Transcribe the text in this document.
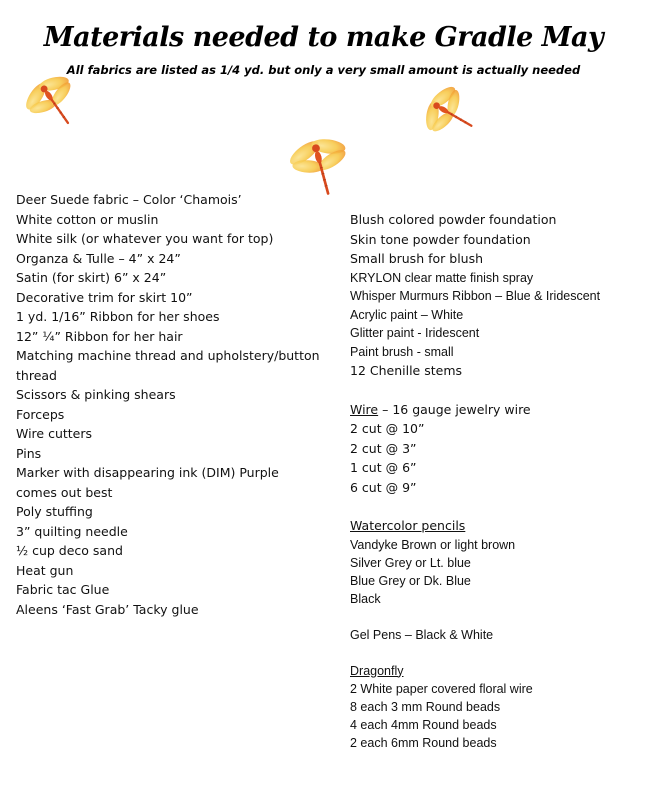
Materials needed to make Gradle May
All fabrics are listed as 1/4 yd. but only a very small amount is actually needed
Deer Suede fabric – Color ‘Chamois’
White cotton or muslin
White silk (or whatever you want for top)
Organza & Tulle – 4” x 24”
Satin (for skirt) 6” x 24”
Decorative trim for skirt 10”
1 yd. 1/16” Ribbon for her shoes
12” ¼” Ribbon for her hair
Matching machine thread and upholstery/button thread
Scissors & pinking shears
Forceps
Wire cutters
Pins
Marker with disappearing ink (DIM) Purple comes out best
Poly stuffing
3” quilting needle
½ cup deco sand
Heat gun
Fabric tac Glue
Aleens ‘Fast Grab’ Tacky glue
Blush colored powder foundation
Skin tone powder foundation
Small brush for blush
KRYLON clear matte finish spray
Whisper Murmurs Ribbon – Blue & Iridescent
Acrylic paint – White
Glitter paint - Iridescent
Paint brush - small
12 Chenille stems
Wire – 16 gauge jewelry wire
2 cut @ 10”
2 cut @ 3”
1 cut @ 6”
6 cut @ 9”
Watercolor pencils
Vandyke Brown or light brown
Silver Grey or Lt. blue
Blue Grey or Dk. Blue
Black
Gel Pens – Black & White
Dragonfly
2 White paper covered floral wire
8 each 3 mm Round beads
4 each 4mm Round beads
2 each 6mm Round beads
